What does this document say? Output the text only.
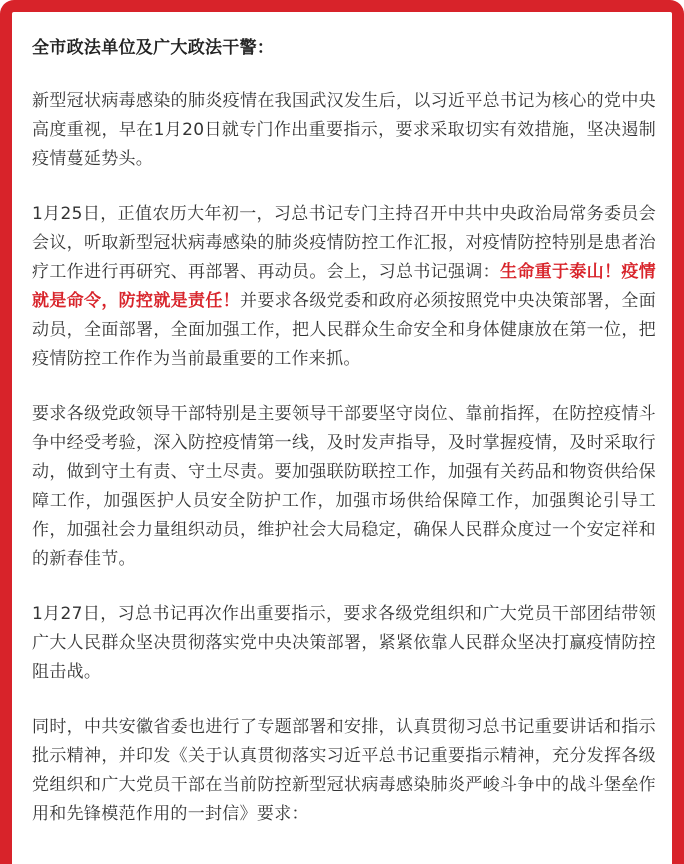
全市政法单位及广大政法干警：

新型冠状病毒感染的肺炎疫情在我国武汉发生后，以习近平总书记为核心的党中央高度重视，早在1月20日就专门作出重要指示，要求采取切实有效措施，坚决遏制疫情蔓延势头。

1月25日，正值农历大年初一，习总书记专门主持召开中共中央政治局常务委员会会议，听取新型冠状病毒感染的肺炎疫情防控工作汇报，对疫情防控特别是患者治疗工作进行再研究、再部署、再动员。会上，习总书记强调：生命重于泰山！疫情就是命令，防控就是责任！并要求各级党委和政府必须按照党中央决策部署，全面动员，全面部署，全面加强工作，把人民群众生命安全和身体健康放在第一位，把疫情防控工作作为当前最重要的工作来抓。

要求各级党政领导干部特别是主要领导干部要坚守岗位、靠前指挥，在防控疫情斗争中经受考验，深入防控疫情第一线，及时发声指导，及时掌握疫情，及时采取行动，做到守土有责、守土尽责。要加强联防联控工作，加强有关药品和物资供给保障工作，加强医护人员安全防护工作，加强市场供给保障工作，加强舆论引导工作，加强社会力量组织动员，维护社会大局稳定，确保人民群众度过一个安定祥和的新春佳节。

1月27日，习总书记再次作出重要指示，要求各级党组织和广大党员干部团结带领广大人民群众坚决贯彻落实党中央决策部署，紧紧依靠人民群众坚决打赢疫情防控阻击战。

同时，中共安徽省委也进行了专题部署和安排，认真贯彻习总书记重要讲话和指示批示精神，并印发《关于认真贯彻落实习近平总书记重要指示精神，充分发挥各级党组织和广大党员干部在当前防控新型冠状病毒感染肺炎严峻斗争中的战斗堡垒作用和先锋模范作用的一封信》要求：
